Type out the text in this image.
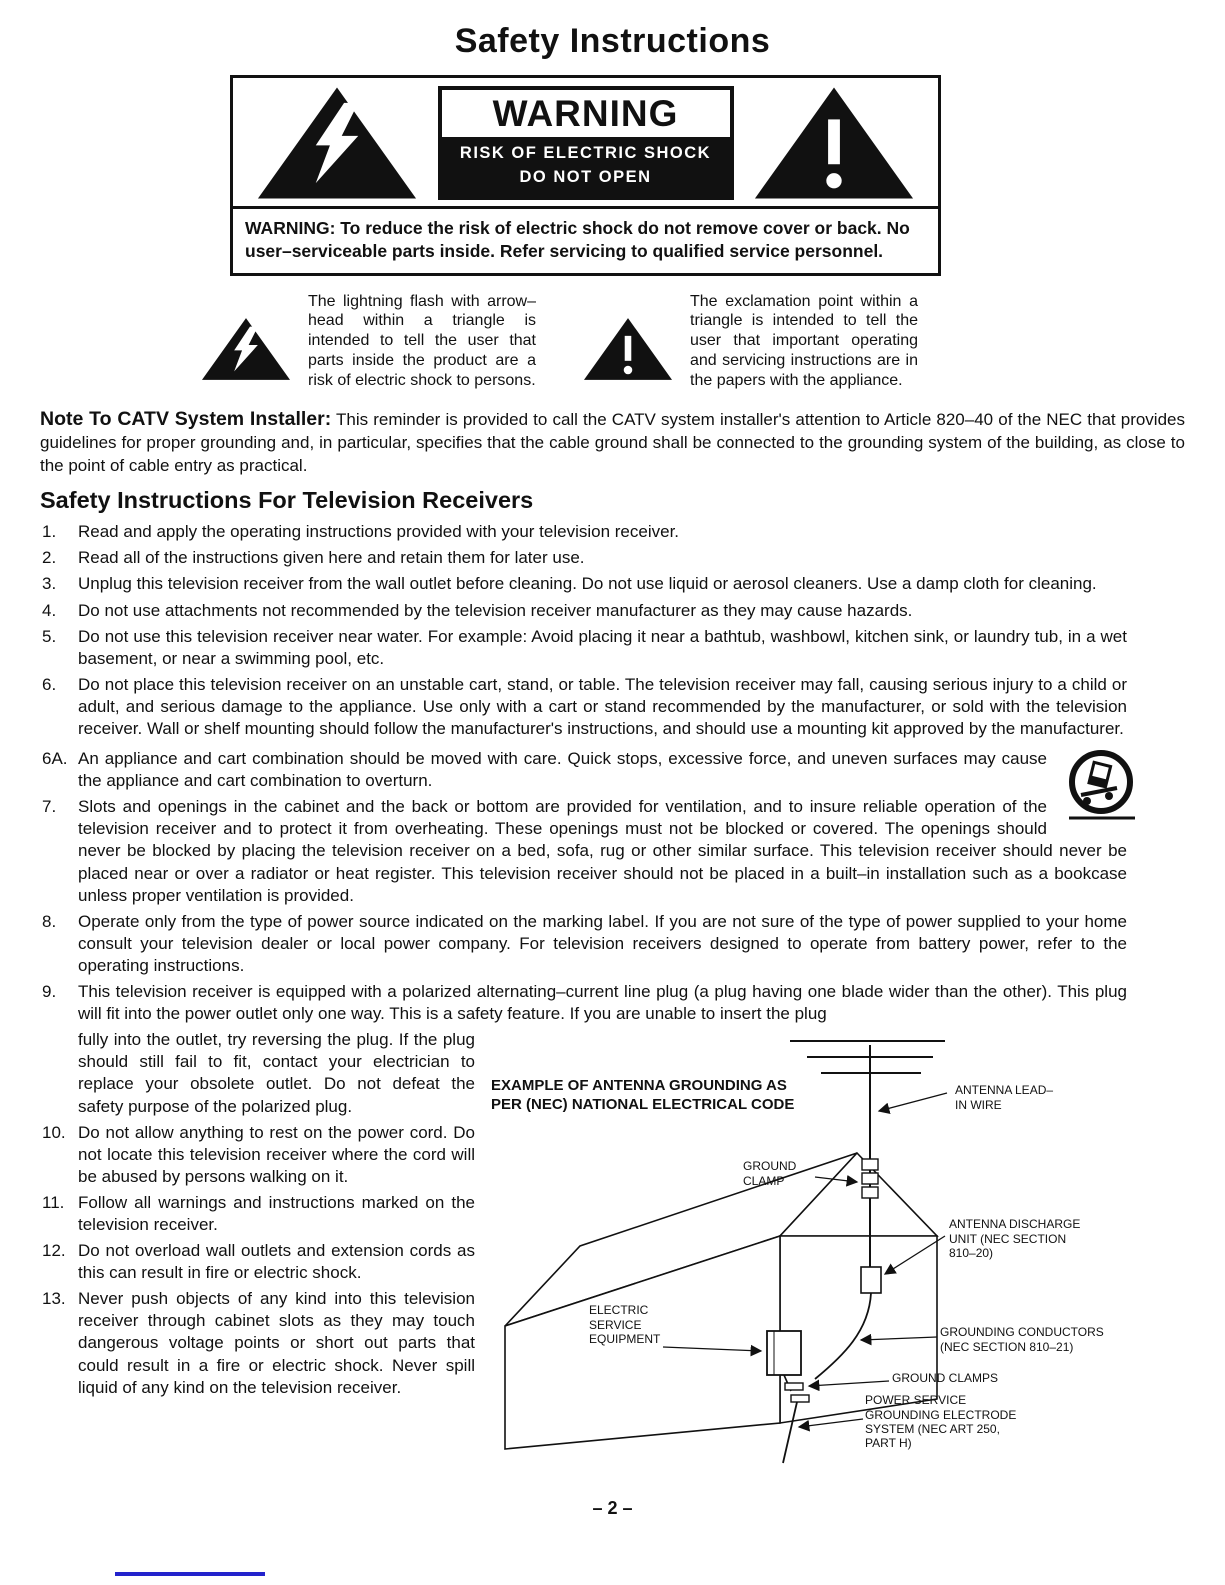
Safety Instructions
WARNING
RISK OF ELECTRIC SHOCK
DO NOT OPEN
WARNING: To reduce the risk of electric shock do not remove cover or back. No user–serviceable parts inside. Refer servicing to qualified service personnel.

The lightning flash with arrow–head within a triangle is intended to tell the user that parts inside the product are a risk of electric shock to persons.

The exclamation point within a triangle is intended to tell the user that important operating and servicing instructions are in the papers with the appliance.

Note To CATV System Installer: This reminder is provided to call the CATV system installer's attention to Article 820–40 of the NEC that provides guidelines for proper grounding and, in particular, specifies that the cable ground shall be connected to the grounding system of the building, as close to the point of cable entry as practical.

Safety Instructions For Television Receivers
1. Read and apply the operating instructions provided with your television receiver.
2. Read all of the instructions given here and retain them for later use.
3. Unplug this television receiver from the wall outlet before cleaning. Do not use liquid or aerosol cleaners. Use a damp cloth for cleaning.
4. Do not use attachments not recommended by the television receiver manufacturer as they may cause hazards.
5. Do not use this television receiver near water. For example: Avoid placing it near a bathtub, washbowl, kitchen sink, or laundry tub, in a wet basement, or near a swimming pool, etc.
6. Do not place this television receiver on an unstable cart, stand, or table. The television receiver may fall, causing serious injury to a child or adult, and serious damage to the appliance. Use only with a cart or stand recommended by the manufacturer, or sold with the television receiver. Wall or shelf mounting should follow the manufacturer's instructions, and should use a mounting kit approved by the manufacturer.
6A. An appliance and cart combination should be moved with care. Quick stops, excessive force, and uneven surfaces may cause the appliance and cart combination to overturn.
7. Slots and openings in the cabinet and the back or bottom are provided for ventilation, and to insure reliable operation of the television receiver and to protect it from overheating. These openings must not be blocked or covered. The openings should never be blocked by placing the television receiver on a bed, sofa, rug or other similar surface. This television receiver should never be placed near or over a radiator or heat register. This television receiver should not be placed in a built–in installation such as a bookcase unless proper ventilation is provided.
8. Operate only from the type of power source indicated on the marking label. If you are not sure of the type of power supplied to your home consult your television dealer or local power company. For television receivers designed to operate from battery power, refer to the operating instructions.
9. This television receiver is equipped with a polarized alternating–current line plug (a plug having one blade wider than the other). This plug will fit into the power outlet only one way. This is a safety feature. If you are unable to insert the plug
EXAMPLE OF ANTENNA GROUNDING AS
PER (NEC) NATIONAL ELECTRICAL CODE
ANTENNA LEAD–IN WIRE
GROUND CLAMP
ANTENNA DISCHARGE UNIT (NEC SECTION 810–20)
ELECTRIC SERVICE EQUIPMENT	GROUNDING CONDUCTORS (NEC SECTION 810–21)
GROUND CLAMPS
POWER SERVICE GROUNDING ELECTRODE SYSTEM (NEC ART 250, PART H)
fully into the outlet, try reversing the plug. If the plug should still fail to fit, contact your electrician to replace your obsolete outlet. Do not defeat the safety purpose of the polarized plug.
10. Do not allow anything to rest on the power cord. Do not locate this television receiver where the cord will be abused by persons walking on it.
11. Follow all warnings and instructions marked on the television receiver.
12. Do not overload wall outlets and extension cords as this can result in fire or electric shock.
13. Never push objects of any kind into this television receiver through cabinet slots as they may touch dangerous voltage points or short out parts that could result in a fire or electric shock. Never spill liquid of any kind on the television receiver.
– 2 –
